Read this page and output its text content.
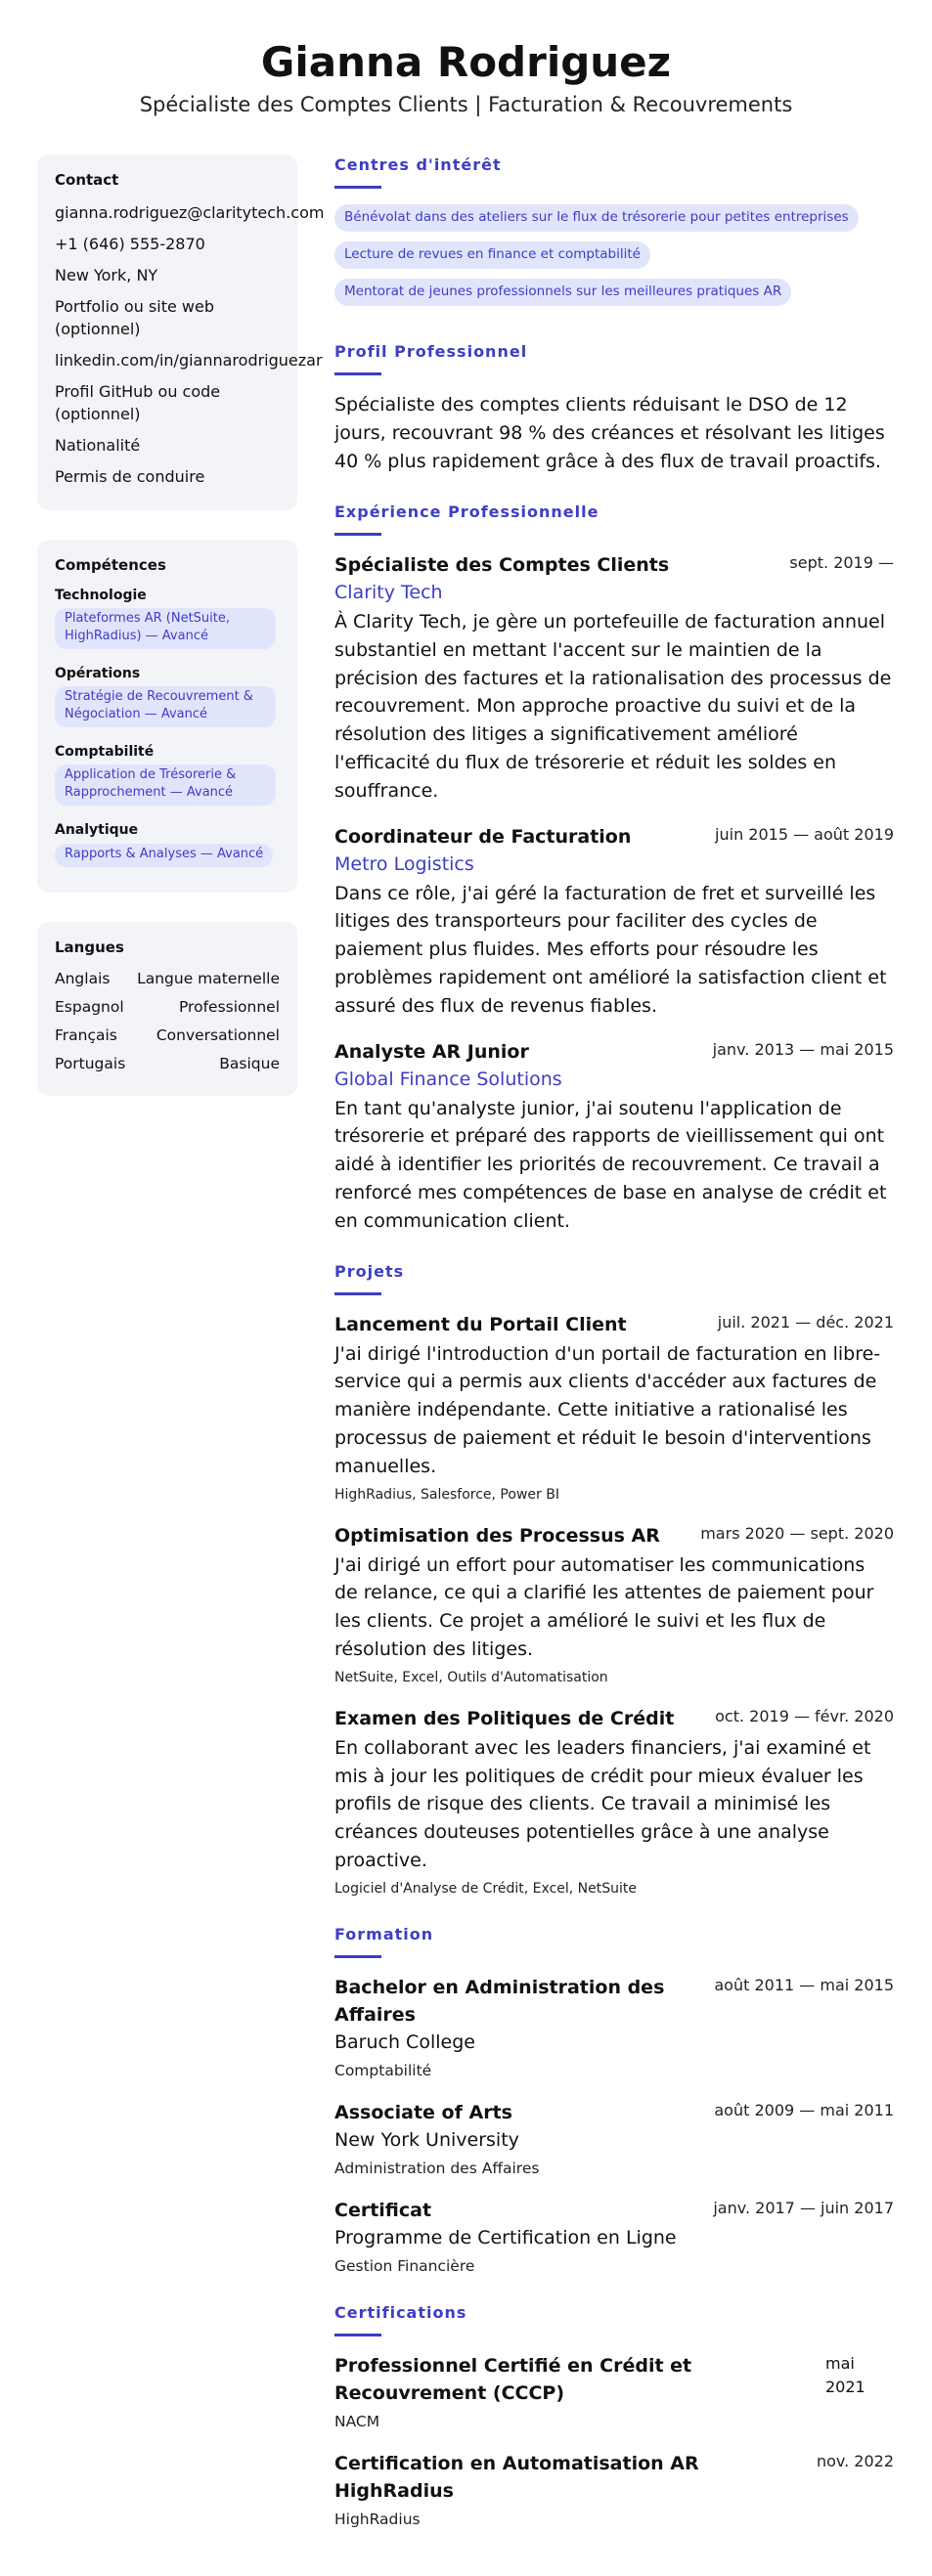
Gianna Rodriguez
Spécialiste des Comptes Clients | Facturation & Recouvrements
Contact
gianna.rodriguez@claritytech.com
+1 (646) 555-2870
New York, NY
Portfolio ou site web (optionnel)
linkedin.com/in/giannarodriguezar
Profil GitHub ou code (optionnel)
Nationalité
Permis de conduire
Compétences
Technologie
Plateformes AR (NetSuite, HighRadius) — Avancé
Opérations
Stratégie de Recouvrement & Négociation — Avancé
Comptabilité
Application de Trésorerie & Rapprochement — Avancé
Analytique
Rapports & Analyses — Avancé
Langues
Anglais Langue maternelle
Espagnol	Professionnel
Français	Conversationnel
Portugais	Basique
Centres d'intérêt
Bénévolat dans des ateliers sur le flux de trésorerie pour petites entreprises
Lecture de revues en finance et comptabilité
Mentorat de jeunes professionnels sur les meilleures pratiques AR
Profil Professionnel

Spécialiste des comptes clients réduisant le DSO de 12 jours, recouvrant 98 % des créances et résolvant les litiges 40 % plus rapidement grâce à des flux de travail proactifs.

Expérience Professionnelle
Spécialiste des Comptes Clients	sept. 2019 —
Clarity Tech

À Clarity Tech, je gère un portefeuille de facturation annuel substantiel en mettant l'accent sur le maintien de la précision des factures et la rationalisation des processus de recouvrement. Mon approche proactive du suivi et de la résolution des litiges a significativement amélioré l'efficacité du flux de trésorerie et réduit les soldes en souffrance.

Coordinateur de Facturation	juin 2015 — août 2019
Metro Logistics

Dans ce rôle, j'ai géré la facturation de fret et surveillé les litiges des transporteurs pour faciliter des cycles de paiement plus fluides. Mes efforts pour résoudre les problèmes rapidement ont amélioré la satisfaction client et assuré des flux de revenus fiables.

Analyste AR Junior	janv. 2013 — mai 2015
Global Finance Solutions

En tant qu'analyste junior, j'ai soutenu l'application de trésorerie et préparé des rapports de vieillissement qui ont aidé à identifier les priorités de recouvrement. Ce travail a renforcé mes compétences de base en analyse de crédit et en communication client.

Projets
Lancement du Portail Client	juil. 2021 — déc. 2021

J'ai dirigé l'introduction d'un portail de facturation en libre-service qui a permis aux clients d'accéder aux factures de manière indépendante. Cette initiative a rationalisé les processus de paiement et réduit le besoin d'interventions manuelles.

HighRadius, Salesforce, Power BI
Optimisation des Processus AR	mars 2020 — sept. 2020

J'ai dirigé un effort pour automatiser les communications de relance, ce qui a clarifié les attentes de paiement pour les clients. Ce projet a amélioré le suivi et les flux de résolution des litiges.

NetSuite, Excel, Outils d'Automatisation
Examen des Politiques de Crédit	oct. 2019 — févr. 2020

En collaborant avec les leaders financiers, j'ai examiné et mis à jour les politiques de crédit pour mieux évaluer les profils de risque des clients. Ce travail a minimisé les créances douteuses potentielles grâce à une analyse proactive.

Logiciel d'Analyse de Crédit, Excel, NetSuite
Formation
Bachelor en Administration des Affaires
août 2011 — mai 2015
Baruch College
Comptabilité
Associate of Arts	août 2009 — mai 2011
New York University
Administration des Affaires
Certificat	janv. 2017 — juin 2017
Programme de Certification en Ligne
Gestion Financière
Certifications
Professionnel Certifié en Crédit et Recouvrement (CCCP)
mai 2021
NACM
Certification en Automatisation AR HighRadius
nov. 2022
HighRadius
